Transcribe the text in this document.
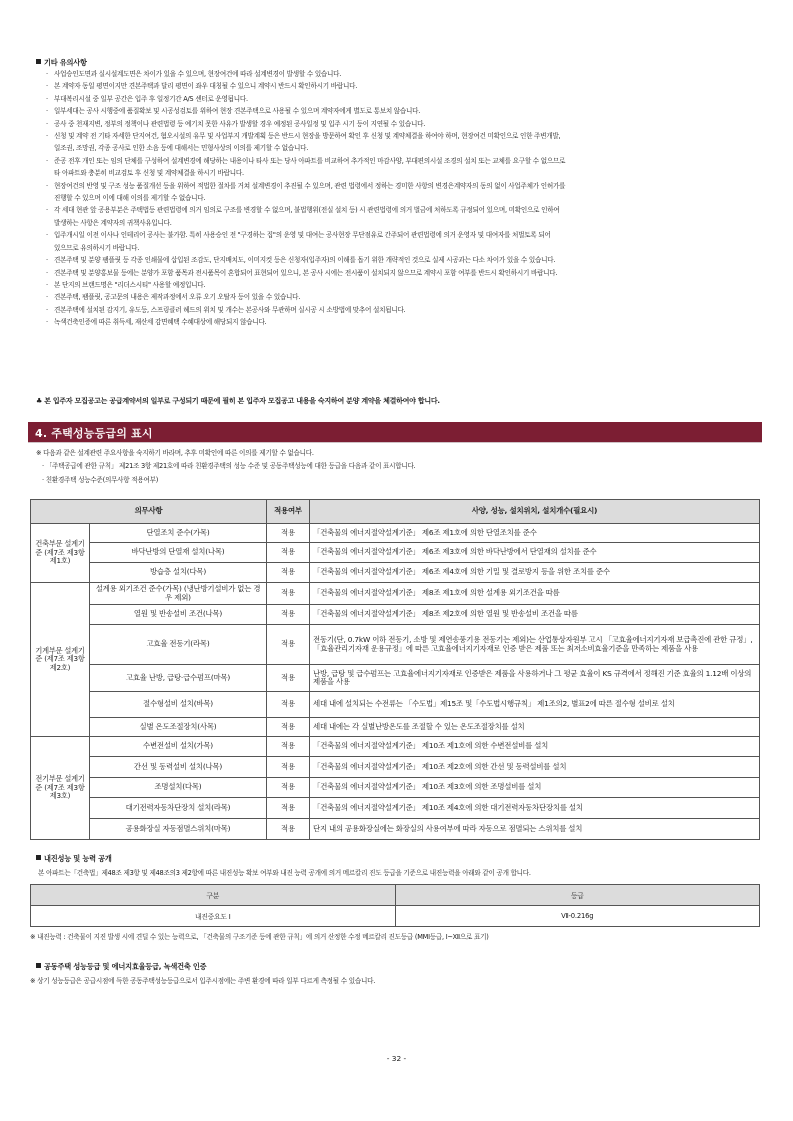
기타 유의사항
· 사업승인도면과 실시설계도면은 차이가 있을 수 있으며, 현장여건에 따라 설계변경이 발생할 수 있습니다.
· 본 계약자 동일 평면이지만 견본주택과 달리 평면이 좌우 대칭될 수 있으니 계약시 반드시 확인하시기 바랍니다.
· 부대복리시설 중 일부 공간은 입주 후 일정기간 A/S 센터로 운영됩니다.
· 일부세대는 공사 시행중에 품질확보 및 시공성검토를 위하여 현장 견본주택으로 사용될 수 있으며 계약자에게 별도로 통보치 않습니다.
· 공사 중 천재지변, 정부의 정책이나 관련법령 등 예기치 못한 사유가 발생할 경우 예정된 공사일정 및 입주 시기 등이 지연될 수 있습니다.
· 신청 및 계약 전 기타 자세한 단지여건, 혐오시설의 유무 및 사업부지 개발계획 등은 반드시 현장을 방문하여 확인 후 신청 및 계약체결을 하여야 하며, 현장여건 미확인으로 인한 주변개발,
일조권, 조망권, 각종 공사로 인한 소음 등에 대해서는 민형사상의 이의를 제기할 수 없습니다.
· 준공 전후 개인 또는 임의 단체를 구성하여 설계변경에 해당하는 내용이나 타사 또는 당사 아파트를 비교하여 추가적인 마감사양, 부대편의시설 조경의 설치 또는 교체를 요구할 수 없으므로
타 아파트와 충분히 비교검토 후 신청 및 계약체결을 하시기 바랍니다.
· 현장여건의 반영 및 구조 성능 품질개선 등을 위하여 적법한 절차를 거쳐 설계변경이 추진될 수 있으며, 관련 법령에서 정하는 경미한 사항의 변경은계약자의 동의 없이 사업주체가 인허가를
진행할 수 있으며 이에 대해 이의를 제기할 수 없습니다.
· 각 세대 현관 앞 공용부분은 주택법등 관련법령에 의거 임의로 구조를 변경할 수 없으며, 불법행위(전실 설치 등) 시 관련법령에 의거 벌금에 처하도록 규정되어 있으며, 미확인으로 인하여
발생하는 사항은 계약자의 귀책사유입니다.
· 입주개시일 이전 이사나 인테리어 공사는 불가함. 특히 사용승인 전 "구경하는 집"의 운영 및 대여는 공사현장 무단점유로 간주되어 관련법령에 의거 운영자 및 대여자를 처벌토록 되어
있으므로 유의하시기 바랍니다.
· 견본주택 및 분양 팸플릿 등 각종 인쇄물에 삽입된 조감도, 단지배치도, 이미지컷 등은 신청자(입주자)의 이해를 돕기 위한 개략적인 것으로 실제 시공과는 다소 차이가 있을 수 있습니다.
· 견본주택 및 분양홍보물 등에는 분양가 포함 품목과 전시품목이 혼합되어 표현되어 있으니, 본 공사 시에는 전시품이 설치되지 않으므로 계약시 포함 여부를 반드시 확인하시기 바랍니다.
· 본 단지의 브랜드명은 "리더스시티" 사용할 예정입니다.
· 견본주택, 팸플릿, 공고문의 내용은 제작과정에서 오류 오기 오탈자 등이 있을 수 있습니다.
· 견본주택에 설치된 감지기, 유도등, 스프링클러 헤드의 위치 및 개수는 본공사와 무관하며 실시공 시 소방법에 맞추어 설치됩니다.
· 녹색건축인증에 따른 취득세, 재산세 감면혜택 수혜대상에 해당되지 않습니다.
♣ 본 입주자 모집공고는 공급계약서의 일부로 구성되기 때문에 필히 본 입주자 모집공고 내용을 숙지하여 분양 계약을 체결하여야 합니다.
4. 주택성능등급의 표시
※ 다음과 같은 설계관련 주요사항을 숙지하기 바라며, 추후 미확인에 따른 이의를 제기할 수 없습니다.
· 「주택공급에 관한 규칙」 제21조 3항 제21호에 따라 친환경주택의 성능 수준 및 공동주택성능에 대한 등급을 다음과 같이 표시합니다.
· 친환경주택 성능수준(의무사항 적용여부)
의무사항		적용여부	사양, 성능, 설치위치, 설치개수(필요시)
건축부문 설계기준 (제7조 제3항 제1호)	단열조치 준수(가목)	적용	「건축물의 에너지절약설계기준」 제6조 제1호에 의한 단열조치를 준수
	바닥난방의 단열재 설치(나목)	적용	「건축물의 에너지절약설계기준」 제6조 제3호에 의한 바닥난방에서 단열재의 설치를 준수
	방습층 설치(다목)	적용	「건축물의 에너지절약설계기준」 제6조 제4호에 의한 기밀 및 결로방지 등을 위한 조치를 준수
기계부문 설계기준 (제7조 제3항 제2호)	설계용 외기조건 준수(가목) (냉난방기설비가 없는 경우 제외)	적용	「건축물의 에너지절약설계기준」 제8조 제1호에 의한 설계용 외기조건을 따름
	열원 및 반송설비 조건(나목)	적용	「건축물의 에너지절약설계기준」 제8조 제2호에 의한 열원 및 반송설비 조건을 따름
	고효율 전동기(라목)	적용	전동기(단, 0.7kW 이하 전동기, 소방 및 제연송풍기용 전동기는 제외)는 산업통상자원부 고시 「고효율에너지기자재 보급촉진에 관한 규정」, 「효율관리기자재 운용규정」에 따른 고효율에너지기자재로 인증 받은 제품 또는 최저소비효율기준을 만족하는 제품을 사용
	고효율 난방, 급탕·급수펌프(마목)	적용	난방, 급탕 및 급수펌프는 고효율에너지기자재로 인증받은 제품을 사용하거나 그 평균 효율이 KS 규격에서 정해진 기준 효율의 1.12배 이상의 제품을 사용
	절수형설비 설치(바목)	적용	세대 내에 설치되는 수전류는 「수도법」제15조 및「수도법시행규칙」 제1조의2, 별표2에 따른 절수형 설비로 설치
	실별 온도조절장치(사목)	적용	세대 내에는 각 실별난방온도를 조절할 수 있는 온도조절장치를 설치
전기부문 설계기준 (제7조 제3항 제3호)	수변전설비 설치(가목)	적용	「건축물의 에너지절약설계기준」 제10조 제1호에 의한 수변전설비를 설치
	간선 및 동력설비 설치(나목)	적용	「건축물의 에너지절약설계기준」 제10조 제2호에 의한 간선 및 동력설비를 설치
	조명설치(다목)	적용	「건축물의 에너지절약설계기준」 제10조 제3호에 의한 조명설비를 설치
	대기전력자동차단장치 설치(라목)	적용	「건축물의 에너지절약설계기준」 제10조 제4호에 의한 대기전력자동차단장치를 설치
	공용화장실 자동점멸스위치(마목)	적용	단지 내의 공용화장실에는 화장실의 사용여부에 따라 자동으로 점멸되는 스위치를 설치
내진성능 및 능력 공개
본 아파트는「건축법」제48조 제3항 및 제48조의3 제2항에 따른 내진성능 확보 여부와 내진 능력 공개에 의거 메르칼리 진도 등급을 기준으로 내진능력을 아래와 같이 공개 합니다.
구분	등급
내진중요도 I	Ⅶ-0.216g
※ 내진능력 : 건축물이 지진 발생 시에 견딜 수 있는 능력으로, 「건축물의 구조기준 등에 관한 규칙」에 의거 산정한 수정 메르칼리 진도등급 (MMI등급, Ⅰ~Ⅻ으로 표기)
공동주택 성능등급 및 에너지효율등급, 녹색건축 인증
※ 상기 성능등급은 공급시점에 득한 공동주택성능등급으로서 입주시점에는 주변 환경에 따라 일부 다르게 측정될 수 있습니다.
- 32 -
